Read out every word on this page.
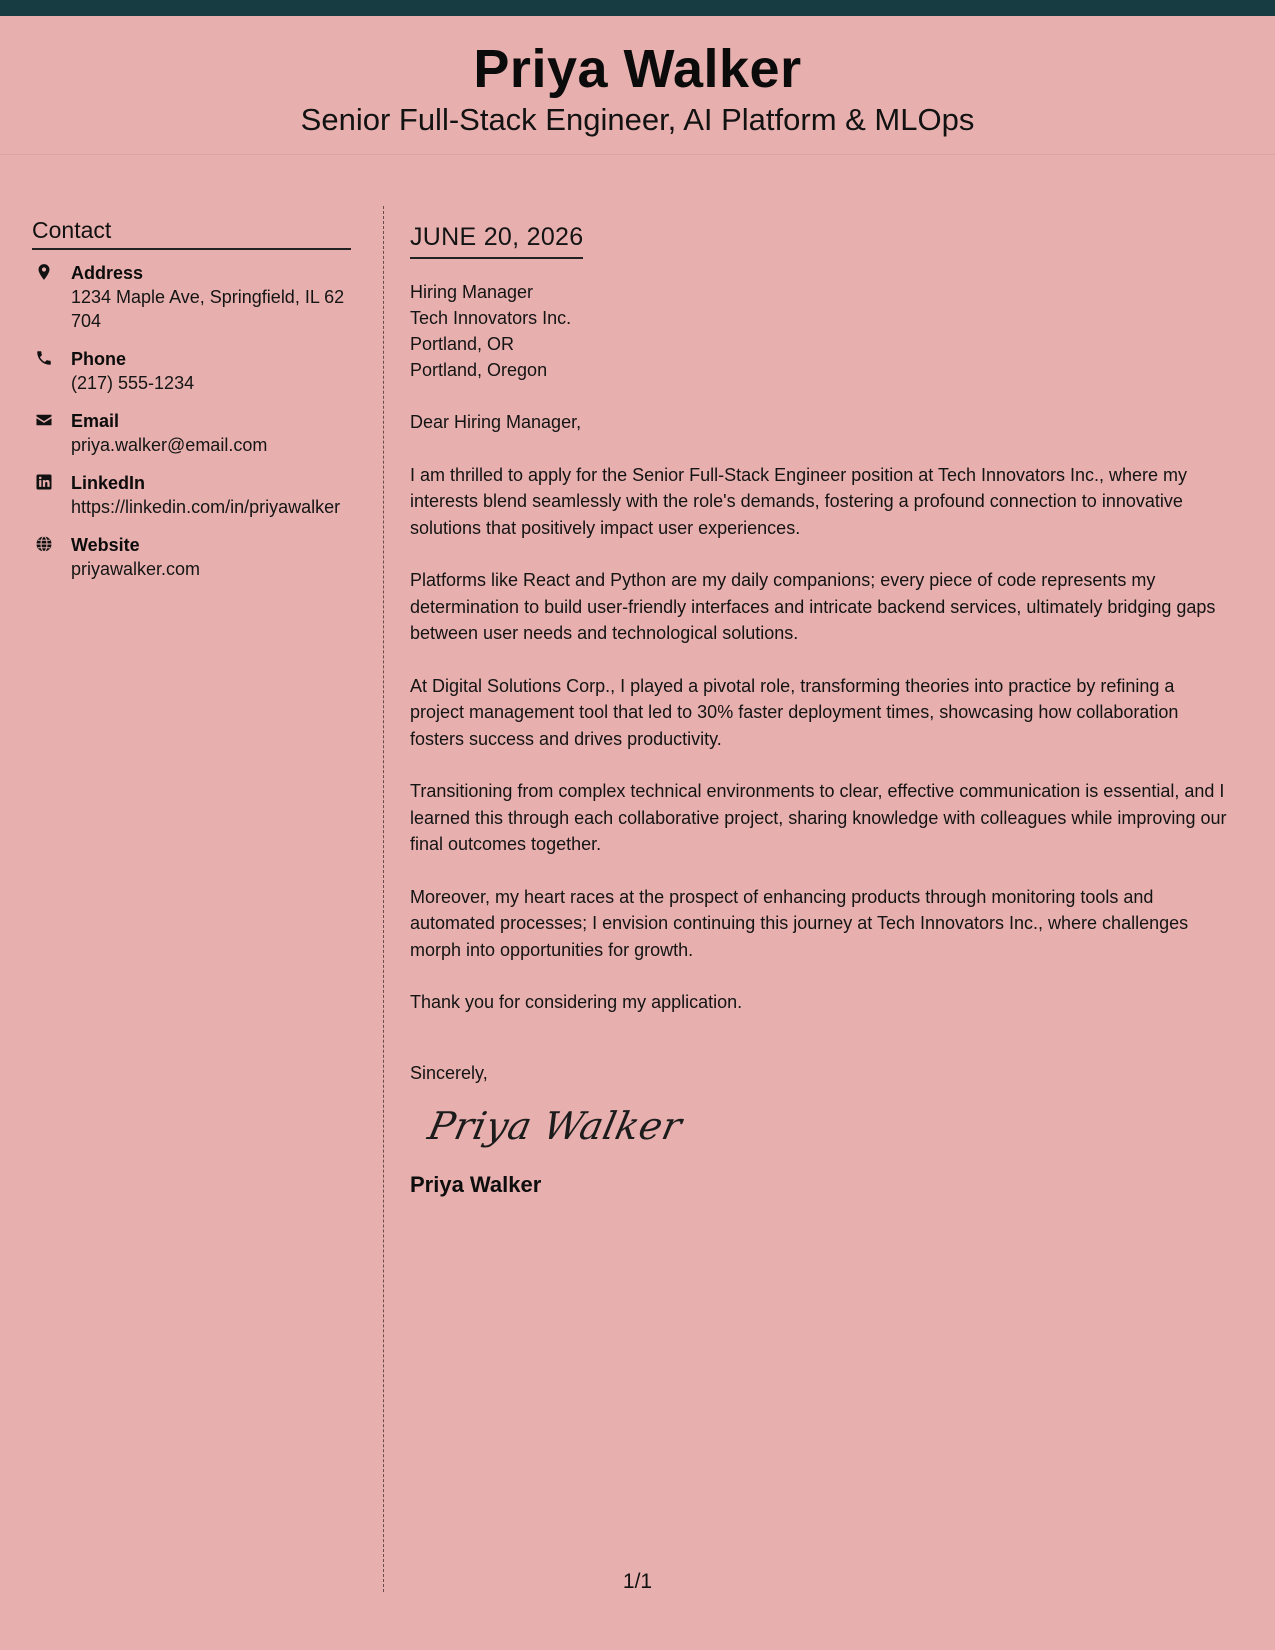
Priya Walker
Senior Full-Stack Engineer, AI Platform & MLOps
Contact
Address
1234 Maple Ave, Springfield, IL 62704
Phone
(217) 555-1234
Email
priya.walker@email.com
LinkedIn
https://linkedin.com/in/priyawalker
Website
priyawalker.com
JUNE 20, 2026
Hiring Manager
Tech Innovators Inc.
Portland, OR
Portland, Oregon
Dear Hiring Manager,
I am thrilled to apply for the Senior Full-Stack Engineer position at Tech Innovators Inc., where my interests blend seamlessly with the role's demands, fostering a profound connection to innovative solutions that positively impact user experiences.
Platforms like React and Python are my daily companions; every piece of code represents my determination to build user-friendly interfaces and intricate backend services, ultimately bridging gaps between user needs and technological solutions.
At Digital Solutions Corp., I played a pivotal role, transforming theories into practice by refining a project management tool that led to 30% faster deployment times, showcasing how collaboration fosters success and drives productivity.
Transitioning from complex technical environments to clear, effective communication is essential, and I learned this through each collaborative project, sharing knowledge with colleagues while improving our final outcomes together.
Moreover, my heart races at the prospect of enhancing products through monitoring tools and automated processes; I envision continuing this journey at Tech Innovators Inc., where challenges morph into opportunities for growth.
Thank you for considering my application.
Sincerely,
Priya Walker
Priya Walker
1/1
